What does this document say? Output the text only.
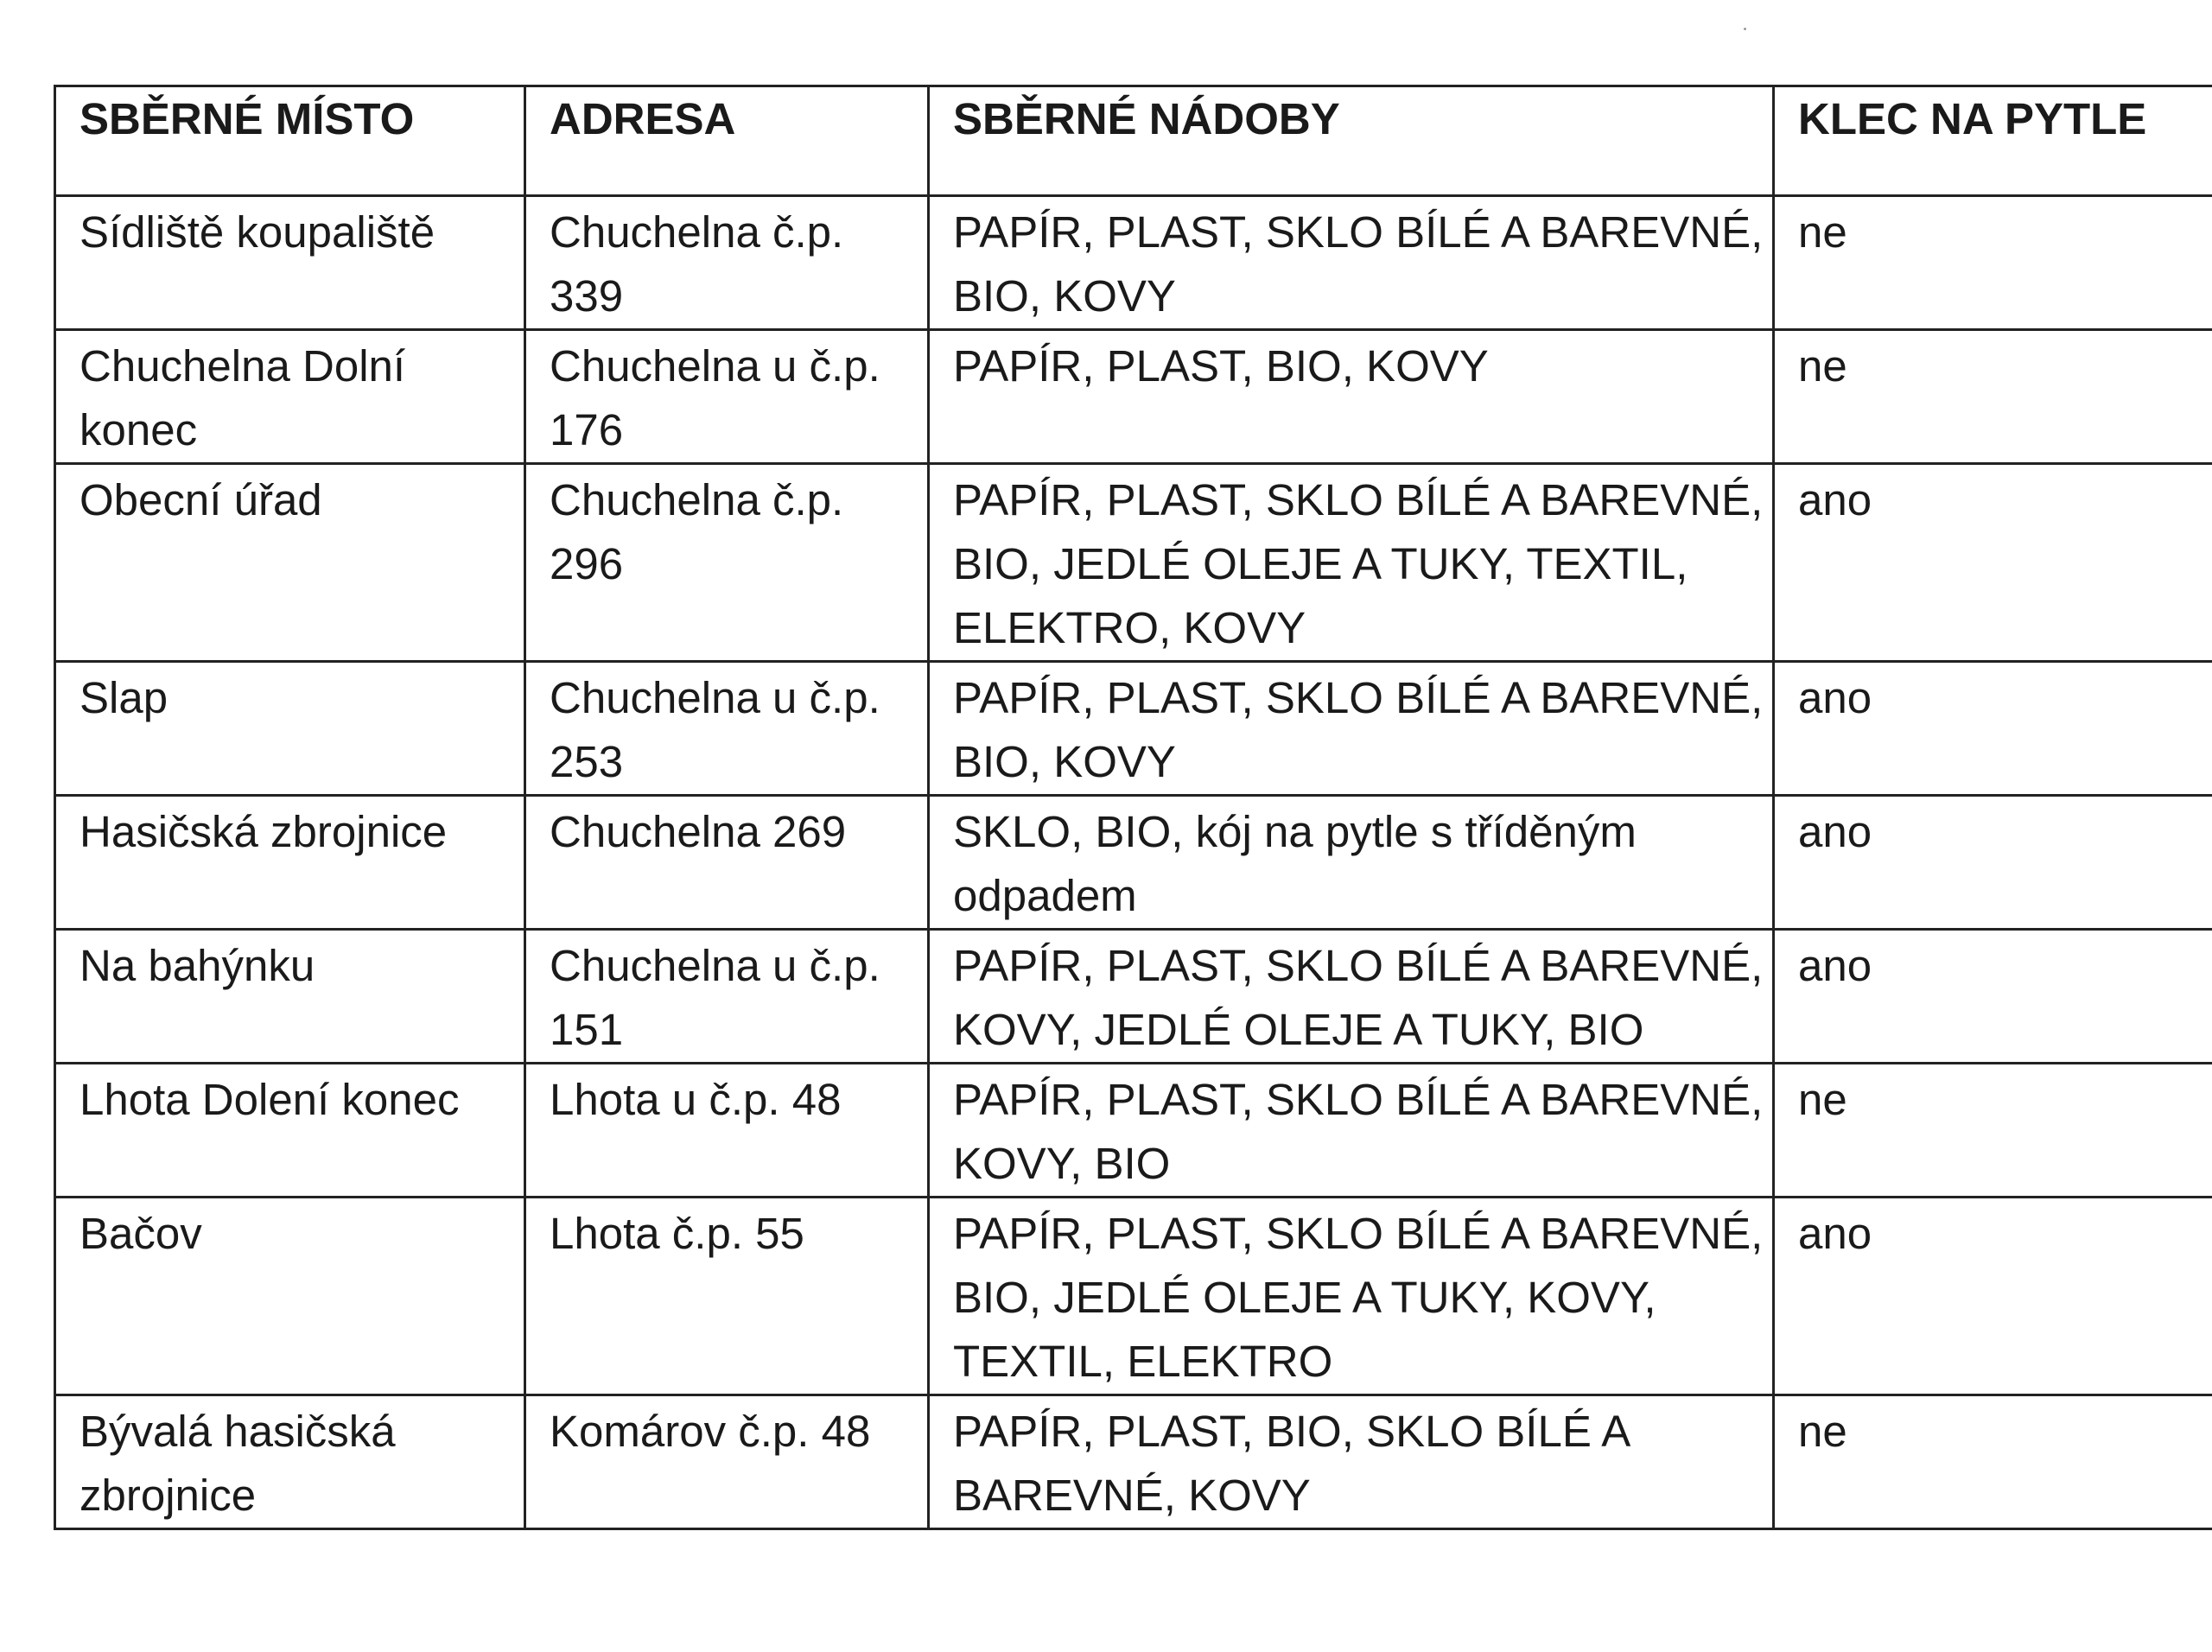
SBĚRNÉ MÍSTO	ADRESA	SBĚRNÉ NÁDOBY	KLEC NA PYTLE
Sídliště koupaliště	Chuchelna č.p. 339	PAPÍR, PLAST, SKLO BÍLÉ A BAREVNÉ, BIO, KOVY	ne
Chuchelna Dolní konec	Chuchelna u č.p. 176	PAPÍR, PLAST, BIO, KOVY	ne
Obecní úřad	Chuchelna č.p. 296	PAPÍR, PLAST, SKLO BÍLÉ A BAREVNÉ, BIO, JEDLÉ OLEJE A TUKY, TEXTIL, ELEKTRO, KOVY	ano
Slap	Chuchelna u č.p. 253	PAPÍR, PLAST, SKLO BÍLÉ A BAREVNÉ, BIO, KOVY	ano
Hasičská zbrojnice	Chuchelna 269	SKLO, BIO, kój na pytle s tříděným odpadem	ano
Na bahýnku	Chuchelna u č.p. 151	PAPÍR, PLAST, SKLO BÍLÉ A BAREVNÉ, KOVY, JEDLÉ OLEJE A TUKY, BIO	ano
Lhota Dolení konec	Lhota u č.p. 48	PAPÍR, PLAST, SKLO BÍLÉ A BAREVNÉ, KOVY, BIO	ne
Bačov	Lhota č.p. 55	PAPÍR, PLAST, SKLO BÍLÉ A BAREVNÉ, BIO, JEDLÉ OLEJE A TUKY, KOVY, TEXTIL, ELEKTRO	ano
Bývalá hasičská zbrojnice	Komárov č.p. 48	PAPÍR, PLAST, BIO, SKLO BÍLÉ A BAREVNÉ, KOVY	ne
